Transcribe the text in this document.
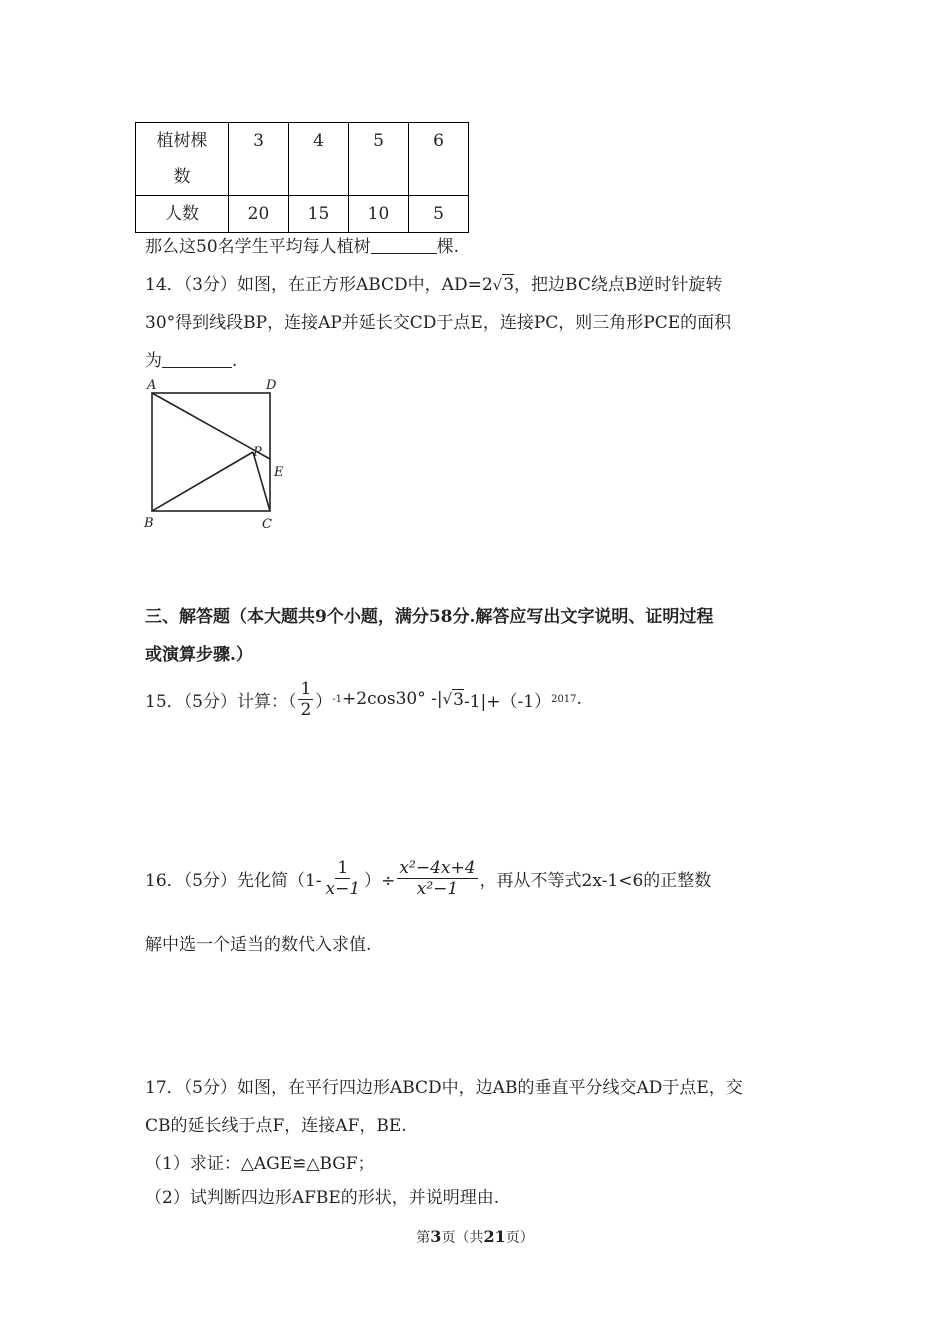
植树棵
数	3	4	5	6
人数	20	15	10	5
那么这50名学生平均每人植树	棵.
14．（3分）如图，在正方形ABCD中，AD=2√3，把边BC绕点B逆时针旋转
30°得到线段BP，连接AP并延长交CD于点E，连接PC，则三角形PCE的面积
为	.
A	D
P
E
B	C
三、解答题（本大题共9个小题，满分58分.解答应写出文字说明、证明过程
或演算步骤.）
15．（5分）计算：（ $\frac{1}{2}$ ） -1 +2cos30° -| √ 3 -1|+（-1） 2017 .
16．（5分）先化简（$1- \frac{1}{x-1}$ ）÷ $\frac{\text{x²−4x+4}}{\text{x²−1}}$ ，再从不等式2x-1<6的正整数
解中选一个适当的数代入求值.
17．（5分）如图，在平行四边形ABCD中，边AB的垂直平分线交AD于点E，交
CB的延长线于点F，连接AF，BE.
（1）求证：△AGE≌△BGF；
（2）试判断四边形AFBE的形状，并说明理由.
第3页（共21页）
